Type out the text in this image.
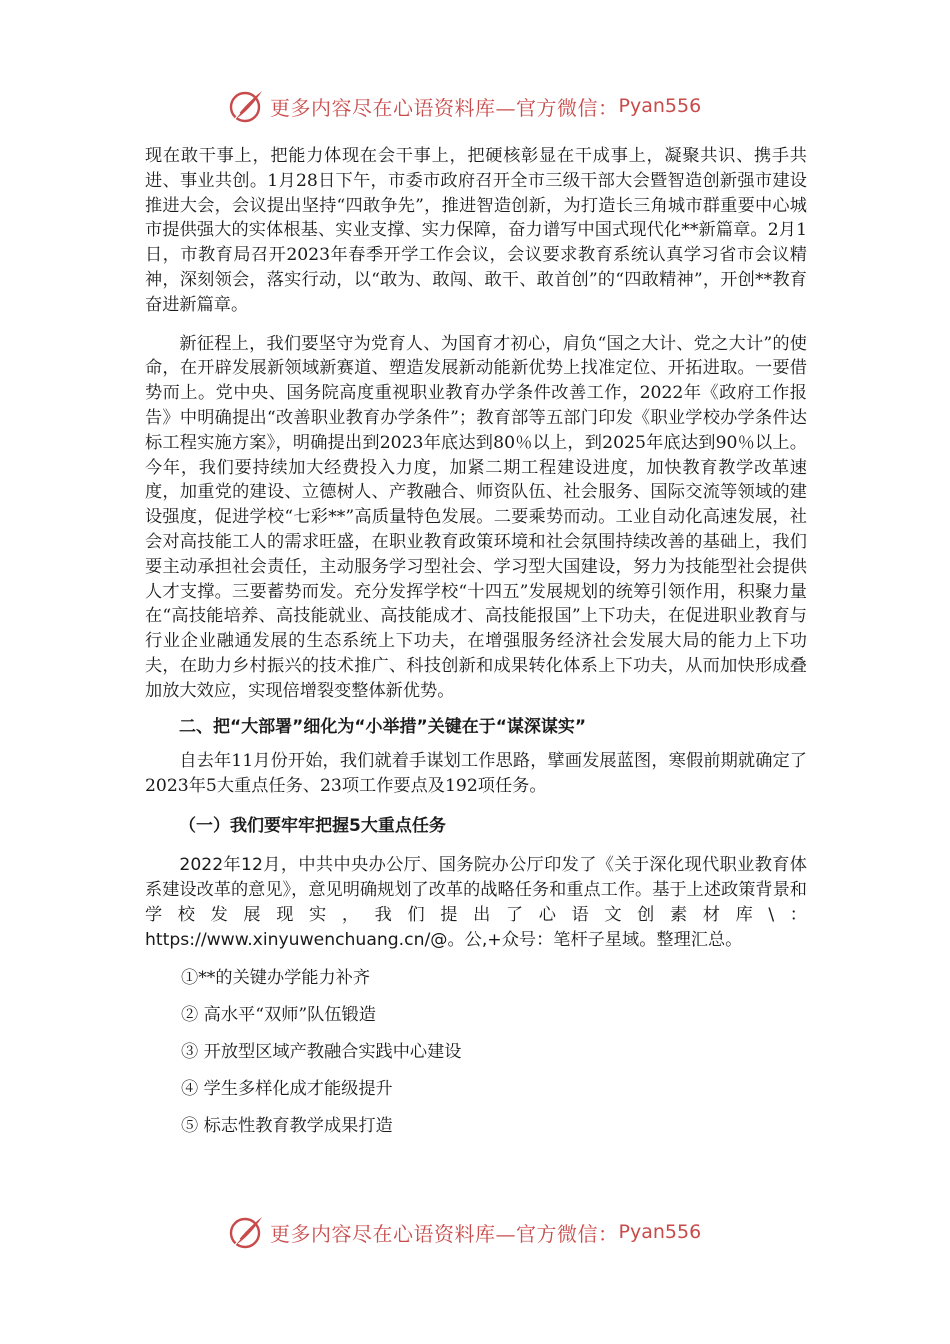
更多内容尽在心语资料库—官方微信： Pyan556

现在敢干事上，把能力体现在会干事上，把硬核彰显在干成事上，凝聚共识、携手共进、事业共创。1月28日下午，市委市政府召开全市三级干部大会暨智造创新强市建设推进大会，会议提出坚持“四敢争先”，推进智造创新，为打造长三角城市群重要中心城市提供强大的实体根基、实业支撑、实力保障，奋力谱写中国式现代化**新篇章。2月1日，市教育局召开2023年春季开学工作会议，会议要求教育系统认真学习省市会议精神，深刻领会，落实行动，以“敢为、敢闯、敢干、敢首创”的“四敢精神”，开创**教育奋进新篇章。

新征程上，我们要坚守为党育人、为国育才初心，肩负“国之大计、党之大计”的使命，在开辟发展新领域新赛道、塑造发展新动能新优势上找准定位、开拓进取。一要借势而上。党中央、国务院高度重视职业教育办学条件改善工作，2022年《政府工作报告》中明确提出“改善职业教育办学条件”；教育部等五部门印发《职业学校办学条件达标工程实施方案》，明确提出到2023年底达到80％以上，到2025年底达到90％以上。今年，我们要持续加大经费投入力度，加紧二期工程建设进度，加快教育教学改革速度，加重党的建设、立德树人、产教融合、师资队伍、社会服务、国际交流等领域的建设强度，促进学校“七彩**”高质量特色发展。二要乘势而动。工业自动化高速发展，社会对高技能工人的需求旺盛，在职业教育政策环境和社会氛围持续改善的基础上，我们要主动承担社会责任，主动服务学习型社会、学习型大国建设，努力为技能型社会提供人才支撑。三要蓄势而发。充分发挥学校“十四五”发展规划的统筹引领作用，积聚力量在“高技能培养、高技能就业、高技能成才、高技能报国”上下功夫，在促进职业教育与行业企业融通发展的生态系统上下功夫，在增强服务经济社会发展大局的能力上下功夫，在助力乡村振兴的技术推广、科技创新和成果转化体系上下功夫，从而加快形成叠加放大效应，实现倍增裂变整体新优势。

二、把“大部署”细化为“小举措”关键在于“谋深谋实”

自去年11月份开始，我们就着手谋划工作思路，擘画发展蓝图，寒假前期就确定了2023年5大重点任务、23项工作要点及192项任务。

（一）我们要牢牢把握5大重点任务

2022年12月，中共中央办公厅、国务院办公厅印发了《关于深化现代职业教育体系建设改革的意见》，意见明确规划了改革的战略任务和重点工作。基于上述政策背景和学校发展现实，我们提出了心语文创素材库\：https://www.xinyuwenchuang.cn/@。公,+众号：笔杆子星域。整理汇总。

①**的关键办学能力补齐

② 高水平“双师”队伍锻造

③ 开放型区域产教融合实践中心建设

④ 学生多样化成才能级提升

⑤ 标志性教育教学成果打造

更多内容尽在心语资料库—官方微信： Pyan556
